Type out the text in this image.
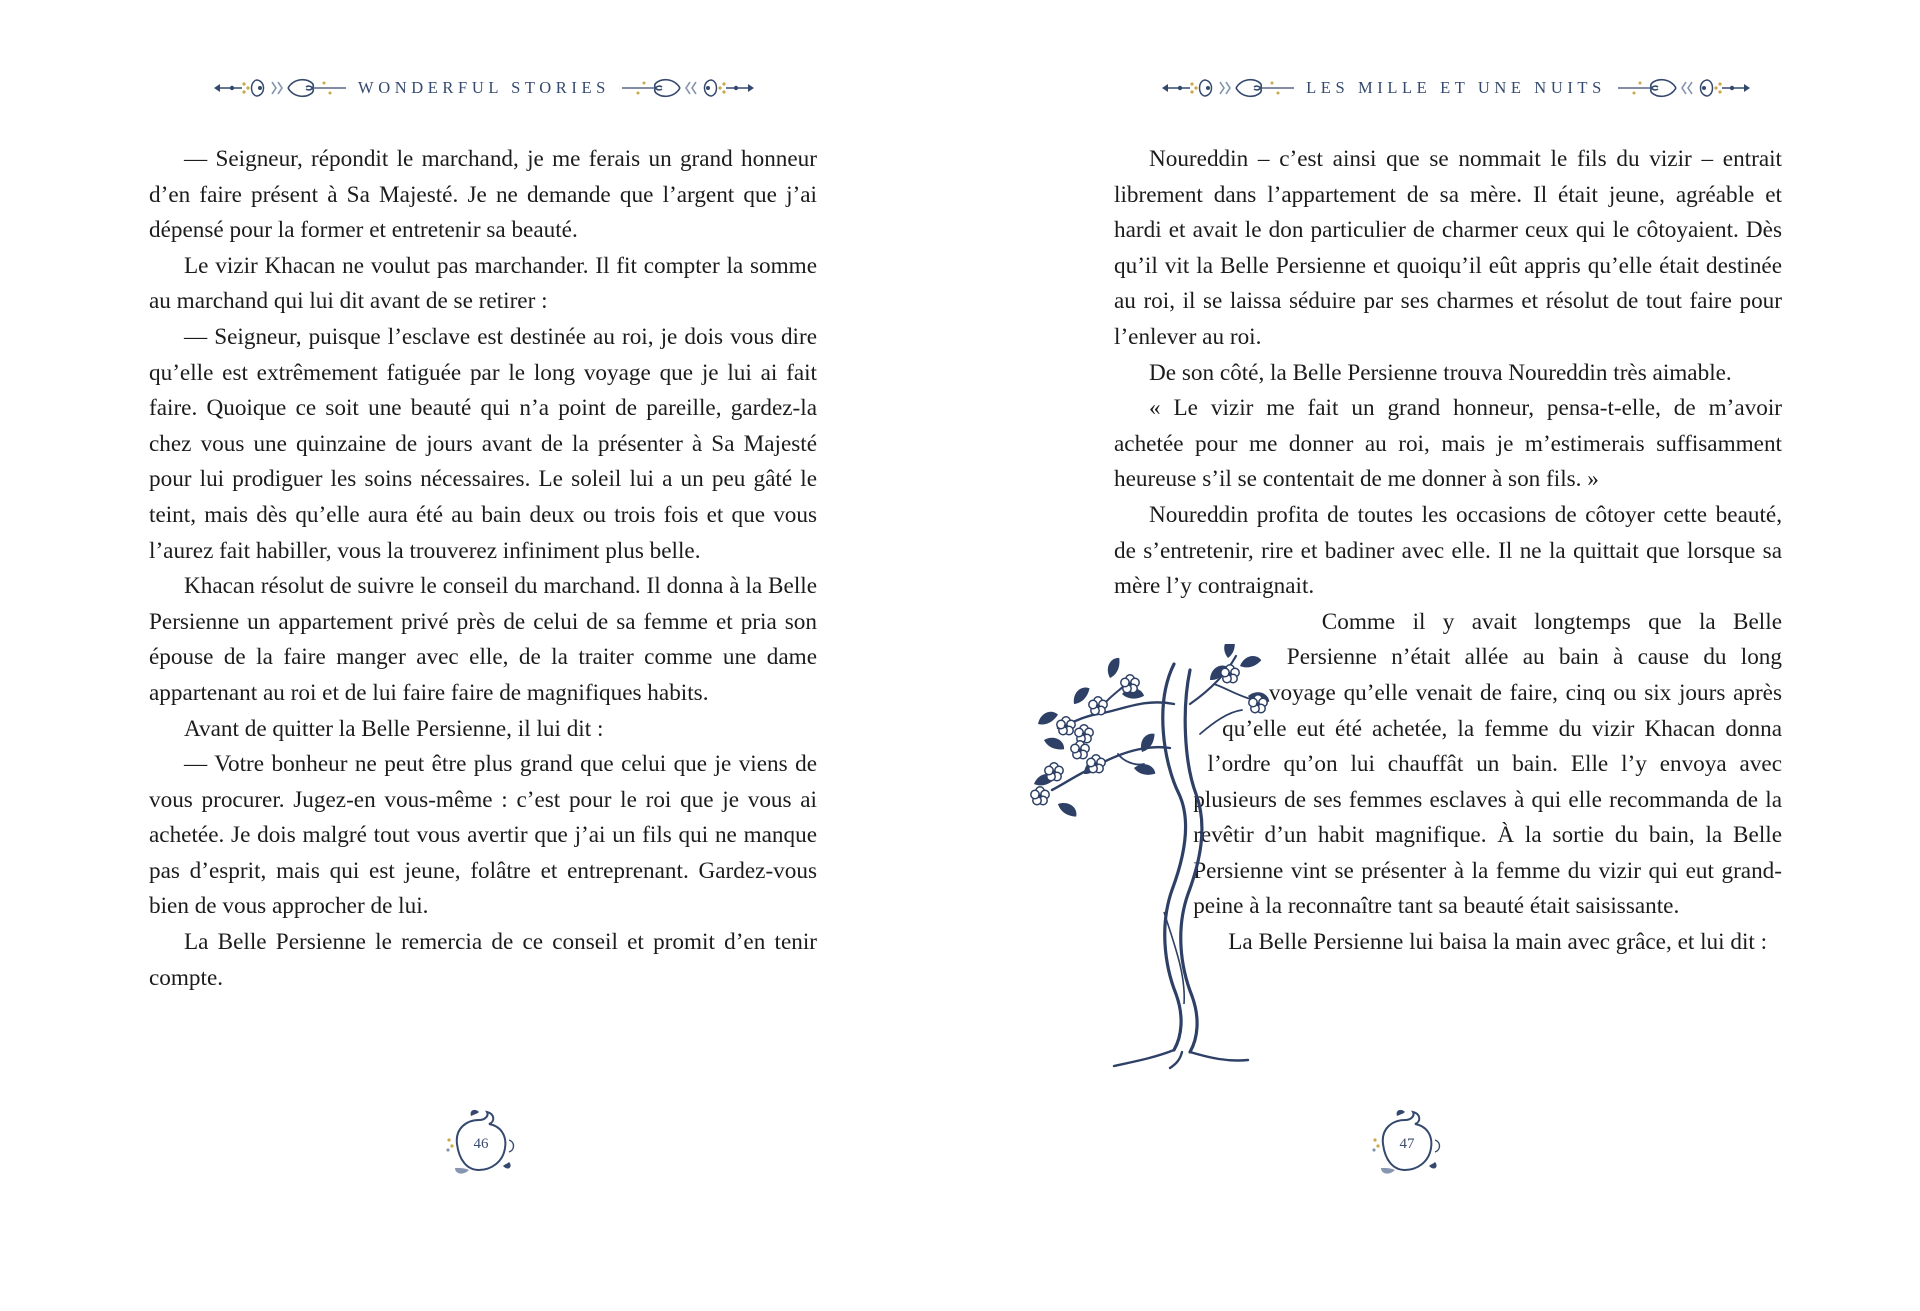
WONDERFUL STORIES

— Seigneur, répondit le marchand, je me ferais un grand honneur d’en faire présent à Sa Majesté. Je ne demande que l’argent que j’ai dépensé pour la former et entretenir sa beauté.

Le vizir Khacan ne voulut pas marchander. Il fit compter la somme au marchand qui lui dit avant de se retirer :

— Seigneur, puisque l’esclave est destinée au roi, je dois vous dire qu’elle est extrêmement fatiguée par le long voyage que je lui ai fait faire. Quoique ce soit une beauté qui n’a point de pareille, gardez-la chez vous une quinzaine de jours avant de la présenter à Sa Majesté pour lui prodiguer les soins nécessaires. Le soleil lui a un peu gâté le teint, mais dès qu’elle aura été au bain deux ou trois fois et que vous l’aurez fait habiller, vous la trouverez infiniment plus belle.

Khacan résolut de suivre le conseil du marchand. Il donna à la Belle Persienne un appartement privé près de celui de sa femme et pria son épouse de la faire manger avec elle, de la traiter comme une dame appartenant au roi et de lui faire faire de magnifiques habits.

Avant de quitter la Belle Persienne, il lui dit :

— Votre bonheur ne peut être plus grand que celui que je viens de vous procurer. Jugez-en vous-même : c’est pour le roi que je vous ai achetée. Je dois malgré tout vous avertir que j’ai un fils qui ne manque pas d’esprit, mais qui est jeune, folâtre et entreprenant. Gardez-vous bien de vous approcher de lui.

La Belle Persienne le remercia de ce conseil et promit d’en tenir compte.

46
LES MILLE ET UNE NUITS

Noureddin – c’est ainsi que se nommait le fils du vizir – entrait librement dans l’appartement de sa mère. Il était jeune, agréable et hardi et avait le don particulier de charmer ceux qui le côtoyaient. Dès qu’il vit la Belle Persienne et quoiqu’il eût appris qu’elle était destinée au roi, il se laissa séduire par ses charmes et résolut de tout faire pour l’enlever au roi.

De son côté, la Belle Persienne trouva Noureddin très aimable.

« Le vizir me fait un grand honneur, pensa-t-elle, de m’avoir achetée pour me donner au roi, mais je m’estimerais suffisamment heureuse s’il se contentait de me donner à son fils. »

Noureddin profita de toutes les occasions de côtoyer cette beauté, de s’entretenir, rire et badiner avec elle. Il ne la quittait que lorsque sa mère l’y contraignait.

Comme il y avait longtemps que la Belle Persienne n’était allée au bain à cause du long voyage qu’elle venait de faire, cinq ou six jours après qu’elle eut été achetée, la femme du vizir Khacan donna l’ordre qu’on lui chauffât un bain. Elle l’y envoya avec plusieurs de ses femmes esclaves à qui elle recommanda de la revêtir d’un habit magnifique. À la sortie du bain, la Belle Persienne vint se présenter à la femme du vizir qui eut grand-peine à la reconnaître tant sa beauté était saisissante.

La Belle Persienne lui baisa la main avec grâce, et lui dit :

47
